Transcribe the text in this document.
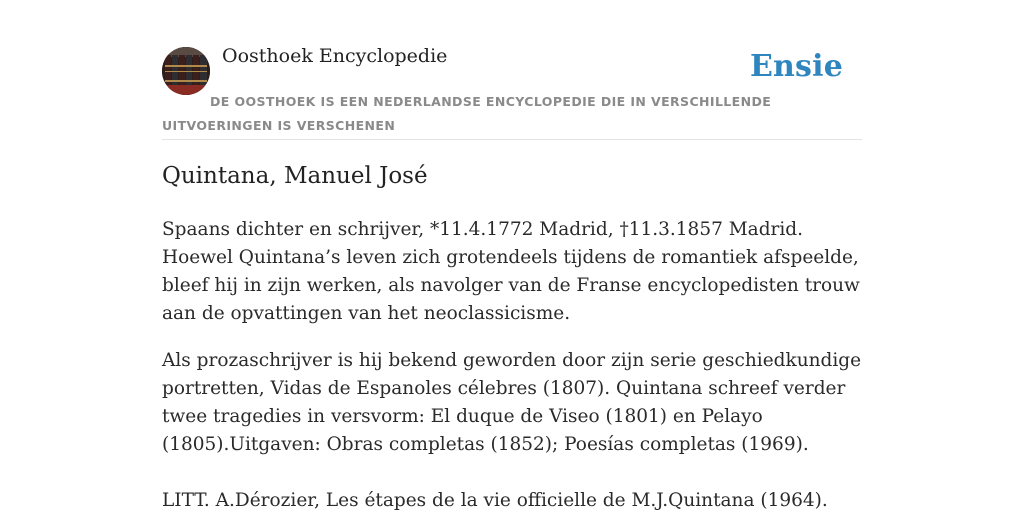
Oosthoek Encyclopedie	Ensie
DE OOSTHOEK IS EEN NEDERLANDSE ENCYCLOPEDIE DIE IN VERSCHILLENDE UITVOERINGEN IS VERSCHENEN
Quintana, Manuel José

Spaans dichter en schrijver, *11.4.1772 Madrid, †11.3.1857 Madrid. Hoewel Quintana’s leven zich grotendeels tijdens de romantiek afspeelde, bleef hij in zijn werken, als navolger van de Franse encyclopedisten trouw aan de opvattingen van het neoclassicisme.

Als prozaschrijver is hij bekend geworden door zijn serie geschiedkundige portretten, Vidas de Espanoles célebres (1807). Quintana schreef verder twee tragedies in versvorm: El duque de Viseo (1801) en Pelayo (1805).Uitgaven: Obras completas (1852); Poesías completas (1969).

LITT. A.Dérozier, Les étapes de la vie officielle de M.J.Quintana (1964).
